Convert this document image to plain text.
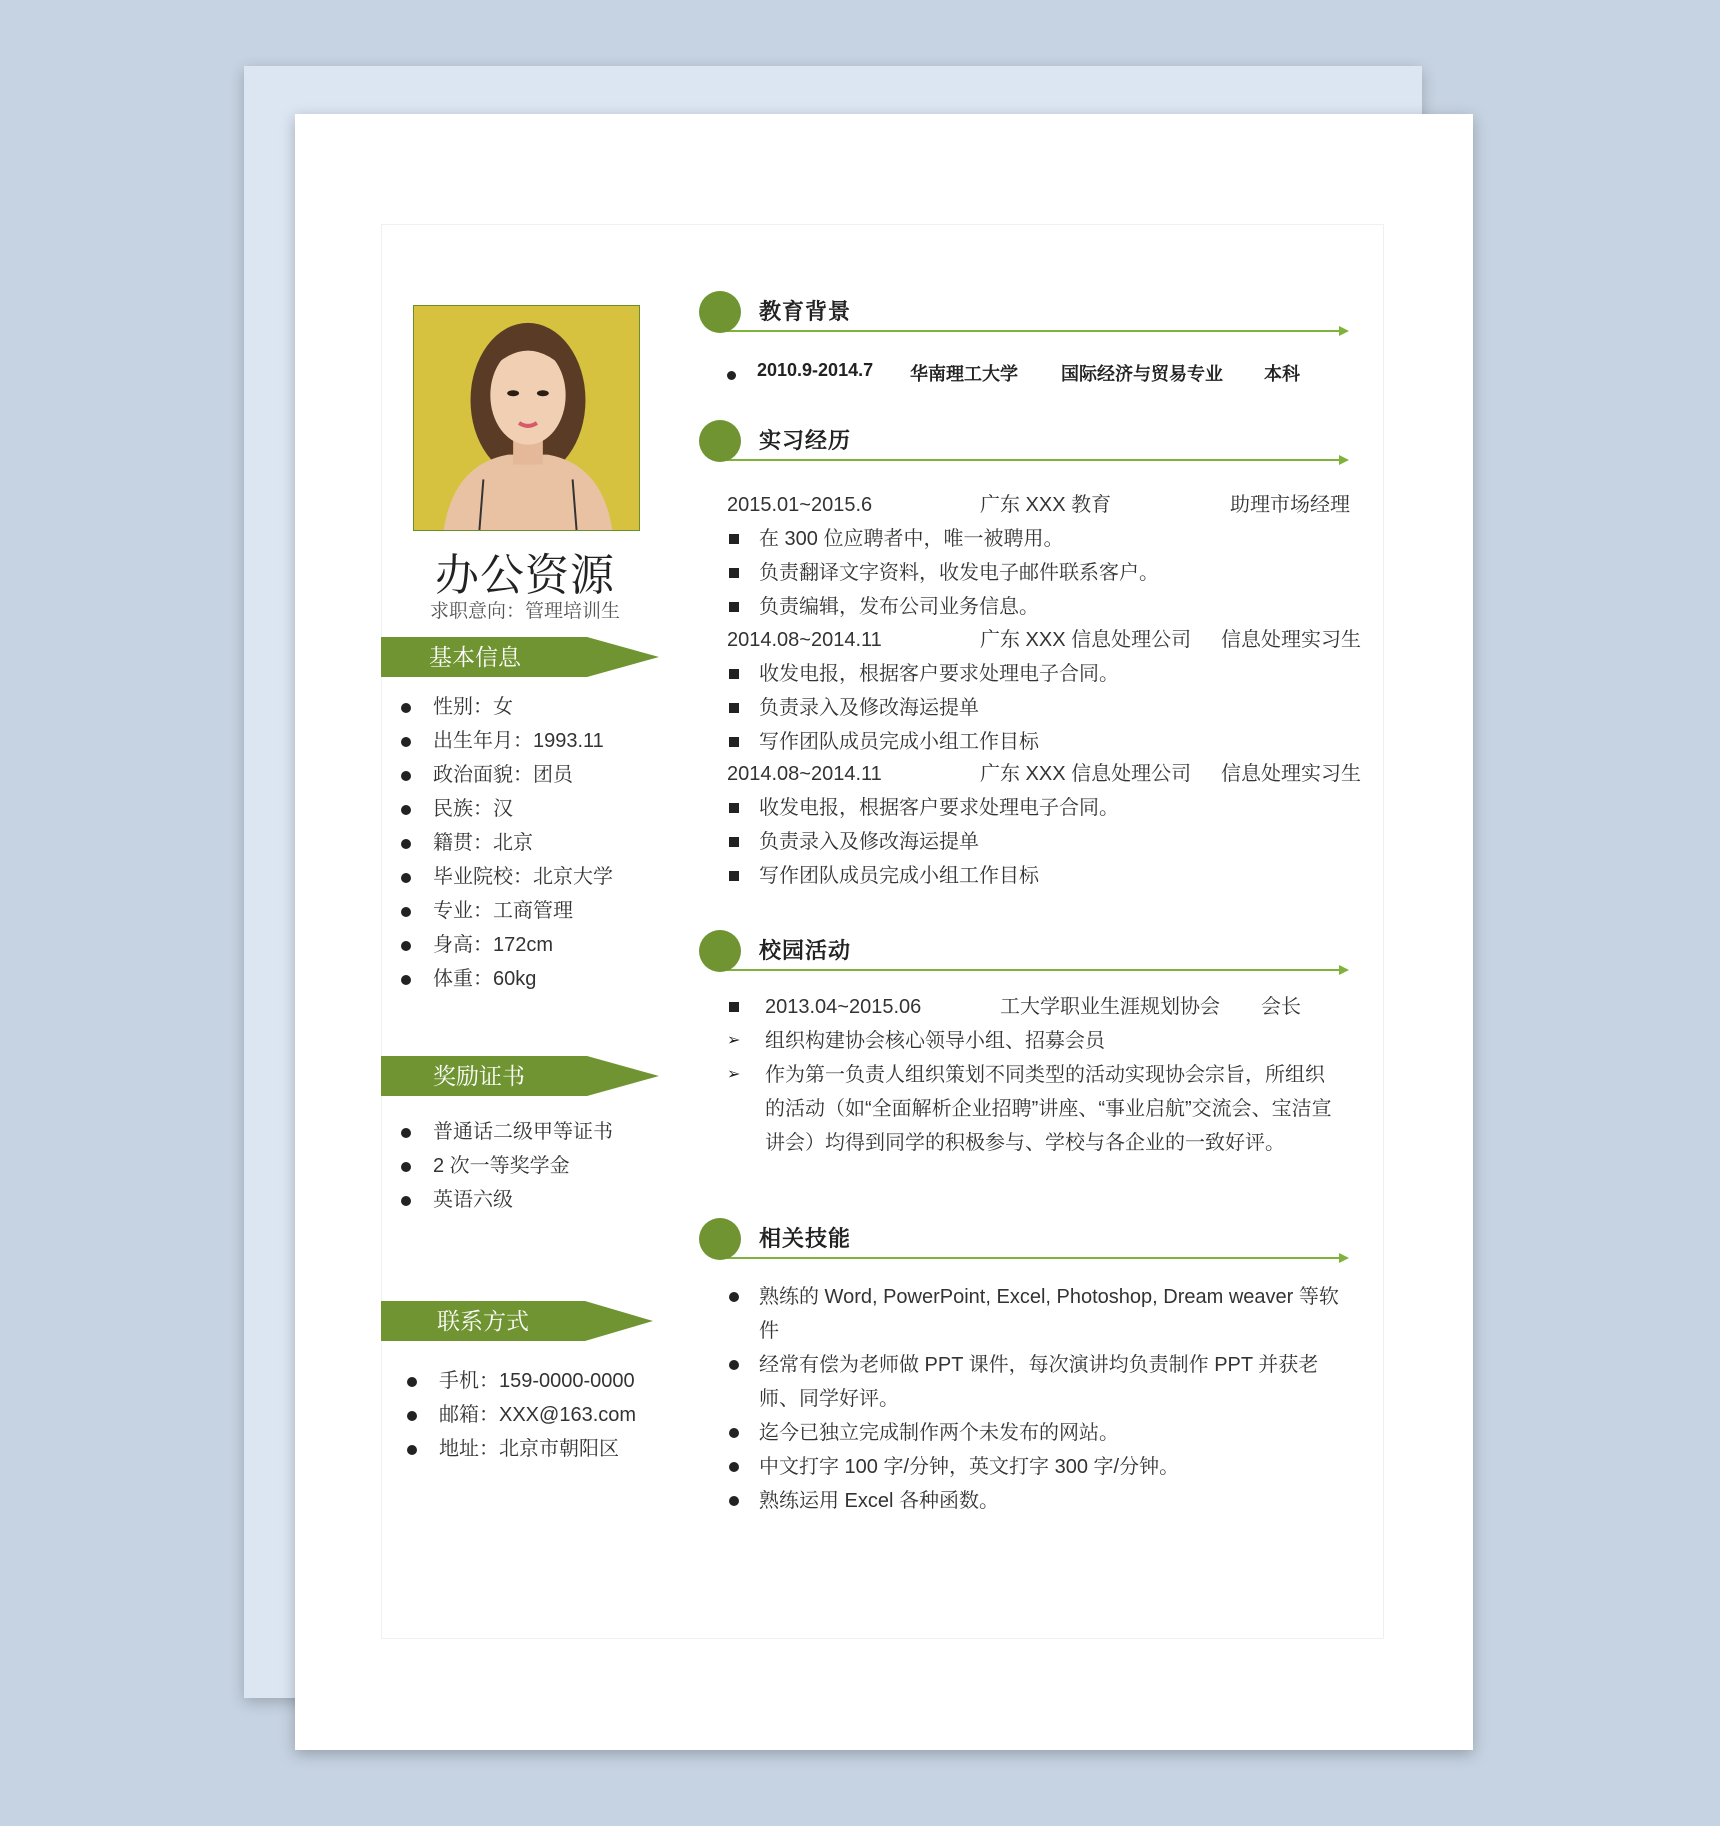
办公资源
求职意向：管理培训生
基本信息
性别：女
出生年月：1993.11
政治面貌：团员
民族：汉
籍贯：北京
毕业院校：北京大学
专业：工商管理
身高：172cm
体重：60kg
奖励证书
普通话二级甲等证书
2 次一等奖学金
英语六级
联系方式
手机：159-0000-0000
邮箱：XXX@163.com
地址：北京市朝阳区
教育背景
2010.9-2014.7 华南理工大学 国际经济与贸易专业 本科
实习经历
2015.01~2015.6	广东 XXX 教育	助理市场经理
在 300 位应聘者中，唯一被聘用。
负责翻译文字资料，收发电子邮件联系客户。
负责编辑，发布公司业务信息。
2014.08~2014.11	广东 XXX 信息处理公司 信息处理实习生
收发电报，根据客户要求处理电子合同。
负责录入及修改海运提单
写作团队成员完成小组工作目标
2014.08~2014.11	广东 XXX 信息处理公司 信息处理实习生
收发电报，根据客户要求处理电子合同。
负责录入及修改海运提单
写作团队成员完成小组工作目标
校园活动
2013.04~2015.06	工大学职业生涯规划协会 会长
➢ 组织构建协会核心领导小组、招募会员
➢ 作为第一负责人组织策划不同类型的活动实现协会宗旨，所组织的活动（如“全面解析企业招聘”讲座、“事业启航”交流会、宝洁宣讲会）均得到同学的积极参与、学校与各企业的一致好评。
相关技能
熟练的 Word, PowerPoint, Excel, Photoshop, Dream weaver 等软件
经常有偿为老师做 PPT 课件，每次演讲均负责制作 PPT 并获老师、同学好评。
迄今已独立完成制作两个未发布的网站。
中文打字 100 字/分钟，英文打字 300 字/分钟。
熟练运用 Excel 各种函数。
